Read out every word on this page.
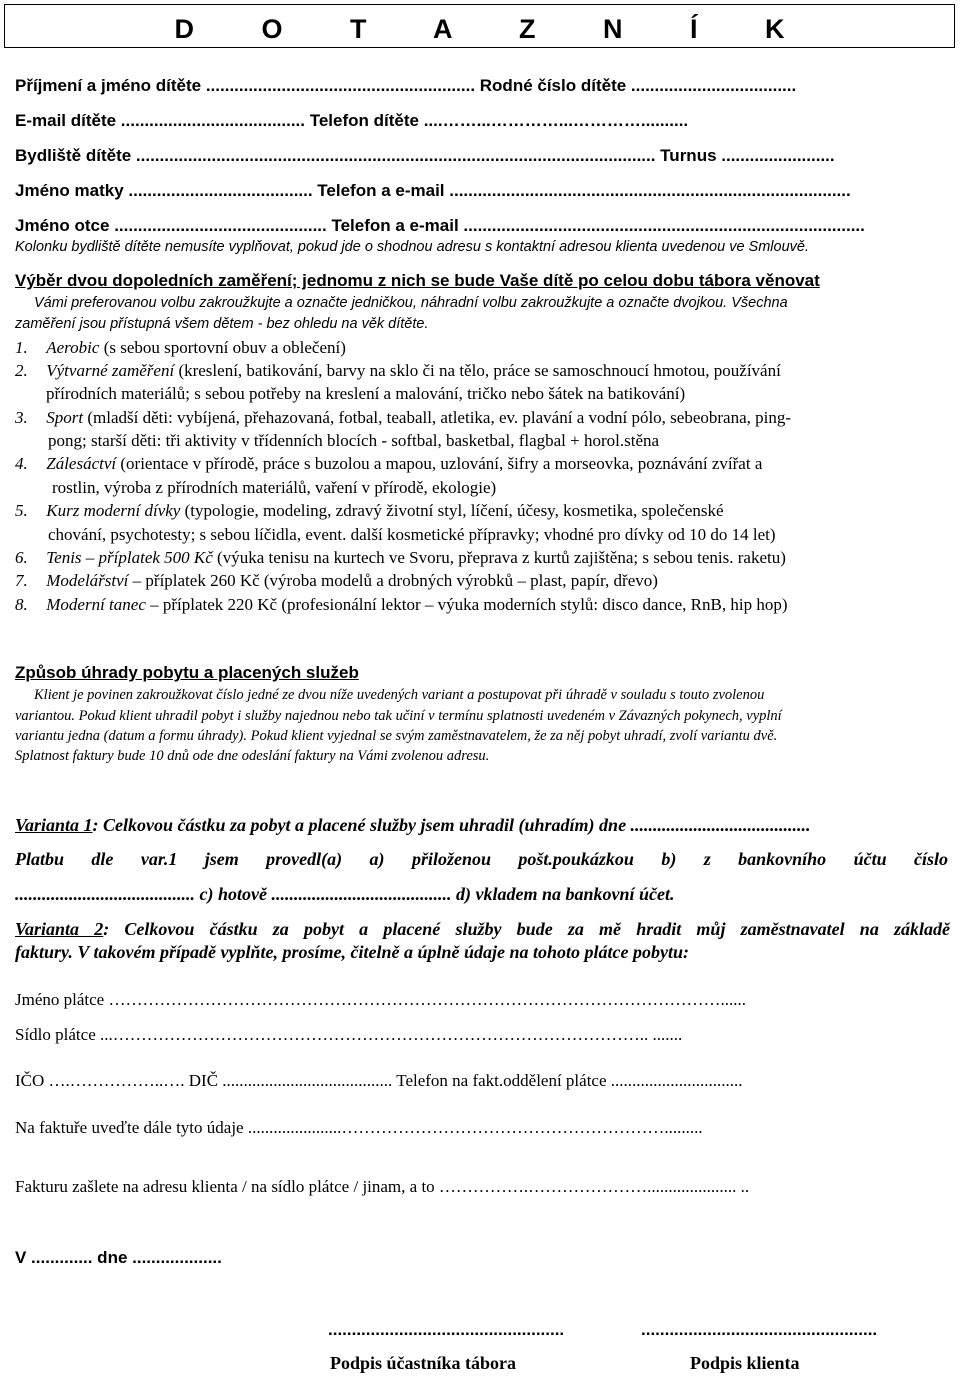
D O T A Z N Í K
Příjmení a jméno dítěte ......................................................... Rodné číslo dítěte ...................................
E-mail dítěte ....................................... Telefon dítěte ....……...…………...…………..........
Bydliště dítěte .............................................................................................................. Turnus ........................
Jméno matky ....................................... Telefon a e-mail .....................................................................................
Jméno otce ............................................. Telefon a e-mail .....................................................................................
Kolonku bydliště dítěte nemusíte vyplňovat, pokud jde o shodnou adresu s kontaktní adresou klienta uvedenou ve Smlouvě.
Výběr dvou dopoledních zaměření; jednomu z nich se bude Vaše dítě po celou dobu tábora věnovat
Vámi preferovanou volbu zakroužkujte a označte jedničkou, náhradní volbu zakroužkujte a označte dvojkou. Všechna
zaměření jsou přístupná všem dětem - bez ohledu na věk dítěte.
1. Aerobic (s sebou sportovní obuv a oblečení)
2. Výtvarné zaměření (kreslení, batikování, barvy na sklo či na tělo, práce se samoschnoucí hmotou, používání
přírodních materiálů; s sebou potřeby na kreslení a malování, tričko nebo šátek na batikování)
3. Sport (mladší děti: vybíjená, přehazovaná, fotbal, teaball, atletika, ev. plavání a vodní pólo, sebeobrana, ping-
pong; starší děti: tři aktivity v třídenních blocích - softbal, basketbal, flagbal + horol.stěna
4. Zálesáctví (orientace v přírodě, práce s buzolou a mapou, uzlování, šifry a morseovka, poznávání zvířat a
rostlin, výroba z přírodních materiálů, vaření v přírodě, ekologie)
5. Kurz moderní dívky (typologie, modeling, zdravý životní styl, líčení, účesy, kosmetika, společenské
chování, psychotesty; s sebou líčidla, event. další kosmetické přípravky; vhodné pro dívky od 10 do 14 let)
6. Tenis – příplatek 500 Kč (výuka tenisu na kurtech ve Svoru, přeprava z kurtů zajištěna; s sebou tenis. raketu)
7. Modelářství – příplatek 260 Kč (výroba modelů a drobných výrobků – plast, papír, dřevo)
8. Moderní tanec – příplatek 220 Kč (profesionální lektor – výuka moderních stylů: disco dance, RnB, hip hop)
Způsob úhrady pobytu a placených služeb
Klient je povinen zakroužkovat číslo jedné ze dvou níže uvedených variant a postupovat při úhradě v souladu s touto zvolenou
variantou. Pokud klient uhradil pobyt i služby najednou nebo tak učiní v termínu splatnosti uvedeném v Závazných pokynech, vyplní
variantu jedna (datum a formu úhrady). Pokud klient vyjednal se svým zaměstnavatelem, že za něj pobyt uhradí, zvolí variantu dvě.
Splatnost faktury bude 10 dnů ode dne odeslání faktury na Vámi zvolenou adresu.
Varianta 1: Celkovou částku za pobyt a placené služby jsem uhradil (uhradím) dne ........................................
Platbu dle var.1 jsem provedl(a) a) přiloženou pošt.poukázkou b) z bankovního účtu číslo
........................................ c) hotově ........................................ d) vkladem na bankovní účet.
Varianta 2: Celkovou částku za pobyt a placené služby bude za mě hradit můj zaměstnavatel na základě
faktury. V takovém případě vyplňte, prosíme, čitelně a úplně údaje na tohoto plátce pobytu:
Jméno plátce ………………………………………………………………………………………………......
Sídlo plátce ...………………………………………………………………………………….. .......
IČO ….……………..…. DIČ ........................................ Telefon na fakt.oddělení plátce ...............................
Na faktuře uveďte dále tyto údaje ......................………………………………………………….........
Fakturu zašlete na adresu klienta / na sídlo plátce / jinam, a to …………….…………………..................... ..
V ............. dne ...................
..................................................	..................................................
Podpis účastníka tábora	Podpis klienta
